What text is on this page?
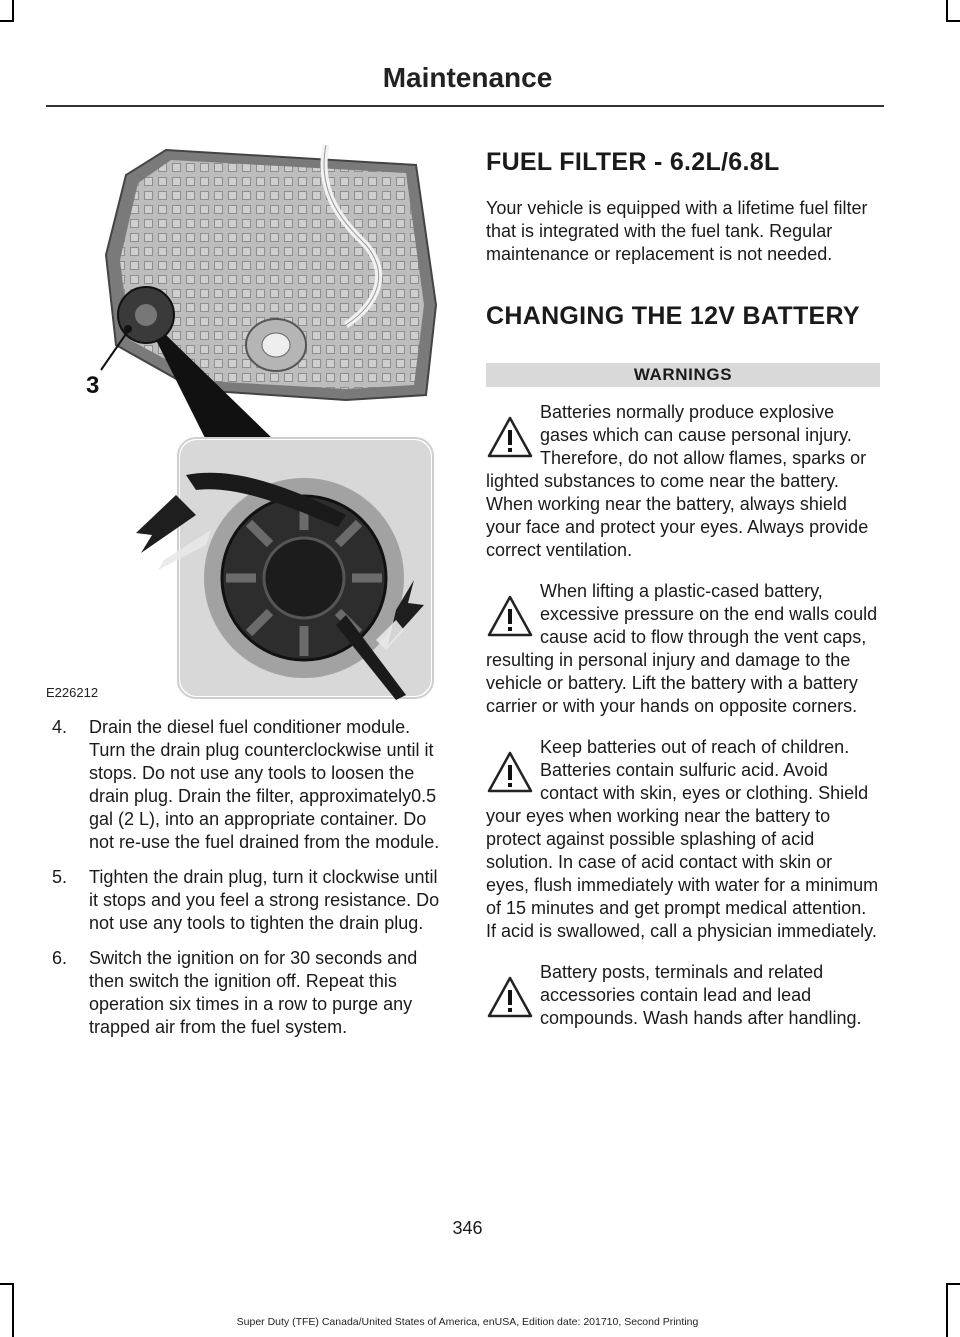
Maintenance
3
E226212
4. Drain the diesel fuel conditioner module. Turn the drain plug counterclockwise until it stops. Do not use any tools to loosen the drain plug. Drain the filter, approximately0.5 gal (2 L), into an appropriate container. Do not re-use the fuel drained from the module.
5. Tighten the drain plug, turn it clockwise until it stops and you feel a strong resistance. Do not use any tools to tighten the drain plug.
6. Switch the ignition on for 30 seconds and then switch the ignition off. Repeat this operation six times in a row to purge any trapped air from the fuel system.
FUEL FILTER - 6.2L/6.8L

Your vehicle is equipped with a lifetime fuel filter that is integrated with the fuel tank. Regular maintenance or replacement is not needed.

CHANGING THE 12V BATTERY
WARNINGS
Batteries normally produce explosive gases which can cause personal injury. Therefore, do not allow flames, sparks or lighted substances to come near the battery. When working near the battery, always shield your face and protect your eyes. Always provide correct ventilation.
When lifting a plastic-cased battery, excessive pressure on the end walls could cause acid to flow through the vent caps, resulting in personal injury and damage to the vehicle or battery. Lift the battery with a battery carrier or with your hands on opposite corners.
Keep batteries out of reach of children. Batteries contain sulfuric acid. Avoid contact with skin, eyes or clothing. Shield your eyes when working near the battery to protect against possible splashing of acid solution. In case of acid contact with skin or eyes, flush immediately with water for a minimum of 15 minutes and get prompt medical attention. If acid is swallowed, call a physician immediately.
Battery posts, terminals and related accessories contain lead and lead compounds. Wash hands after handling.
346
Super Duty (TFE) Canada/United States of America, enUSA, Edition date: 201710, Second Printing
